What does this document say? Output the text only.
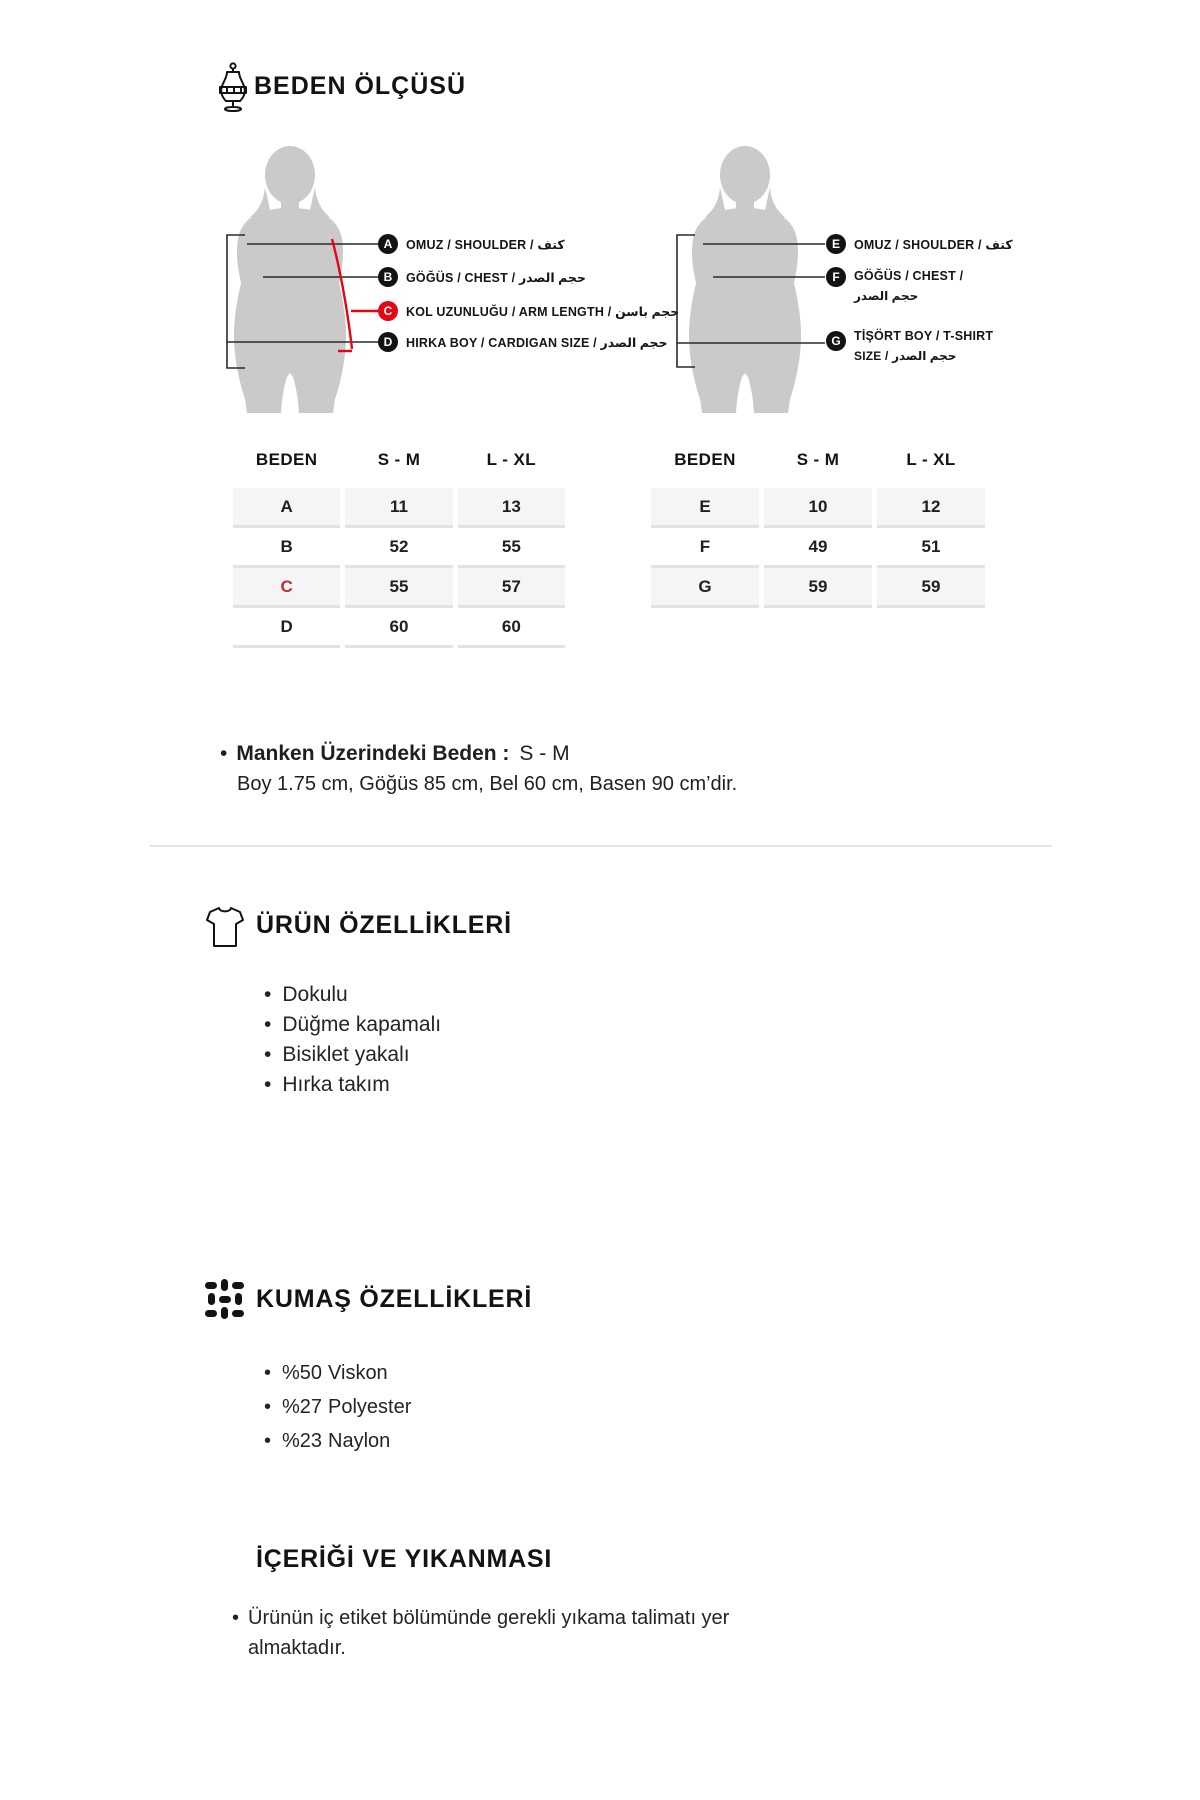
BEDEN ÖLÇÜSÜ
A	OMUZ / SHOULDER / كتف
B	GÖĞÜS / CHEST / حجم الصدر
C	KOL UZUNLUĞU / ARM LENGTH / حجم باسن
D	HIRKA BOY / CARDIGAN SIZE / حجم الصدر
E	OMUZ / SHOULDER / كتف
F	GÖĞÜS / CHEST /
حجم الصدر
G	TİŞÖRT BOY / T-SHIRT
SIZE / حجم الصدر
BEDEN	S - M	L - XL
A	11	13
B	52	55
C	55	57
D	60	60
BEDEN	S - M	L - XL
E	10	12
F	49	51
G	59	59
• Manken Üzerindeki Beden : S - M
Boy 1.75 cm, Göğüs 85 cm, Bel 60 cm, Basen 90 cm’dir.
ÜRÜN ÖZELLİKLERİ
• Dokulu
• Düğme kapamalı
• Bisiklet yakalı
• Hırka takım
KUMAŞ ÖZELLİKLERİ
• %50 Viskon
• %27 Polyester
• %23 Naylon
İÇERİĞİ VE YIKANMASI
• Ürünün iç etiket bölümünde gerekli yıkama talimatı yer almaktadır.
